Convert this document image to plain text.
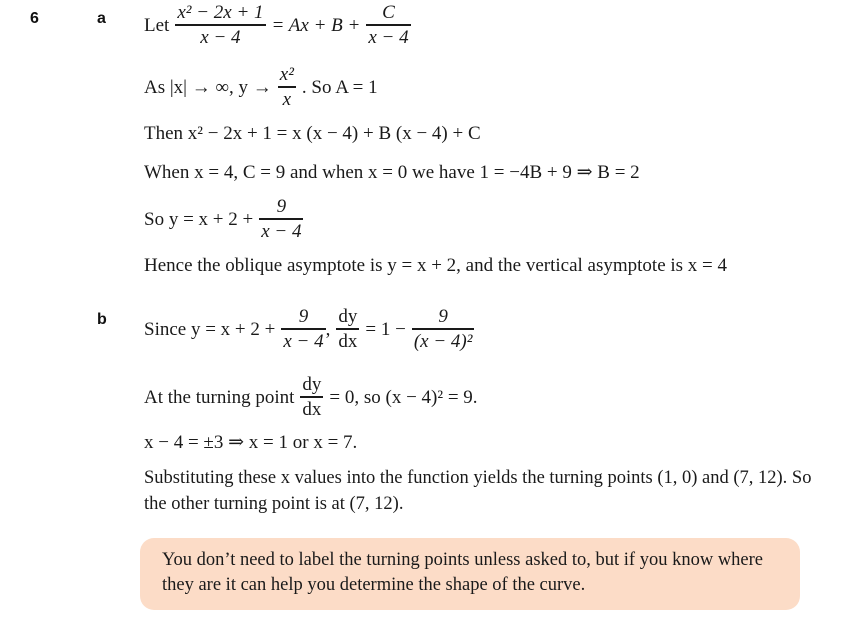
6	a Let $\frac{\text{x² − 2x + 1}}{x - 4} = Ax + B + \frac{C}{x - 4}$
As |x| → ∞, $y \to \frac{\text{x²}}{x}$ . So A = 1
Then x² − 2x + 1 = x (x − 4) + B (x − 4) + C
When x = 4, C = 9 and when x = 0 we have 1 = −4B + 9 ⇒ B = 2
So $y = x + 2 + \frac{9}{x - 4}$
Hence the oblique asymptote is y = x + 2, and the vertical asymptote is x = 4
b Since $y = x + 2 + \frac{9}{x - 4}$ , $\frac{dy}{dx} = 1 - \frac{9}{\text{(x − 4)²}}$
At the turning point $\frac{dy}{dx} = 0$, so (x − 4)² = 9.
x − 4 = ±3 ⇒ x = 1 or x = 7.
Substituting these x values into the function yields the turning points (1, 0) and (7, 12). So the other turning point is at (7, 12).

You don’t need to label the turning points unless asked to, but if you know where they are it can help you determine the shape of the curve.
